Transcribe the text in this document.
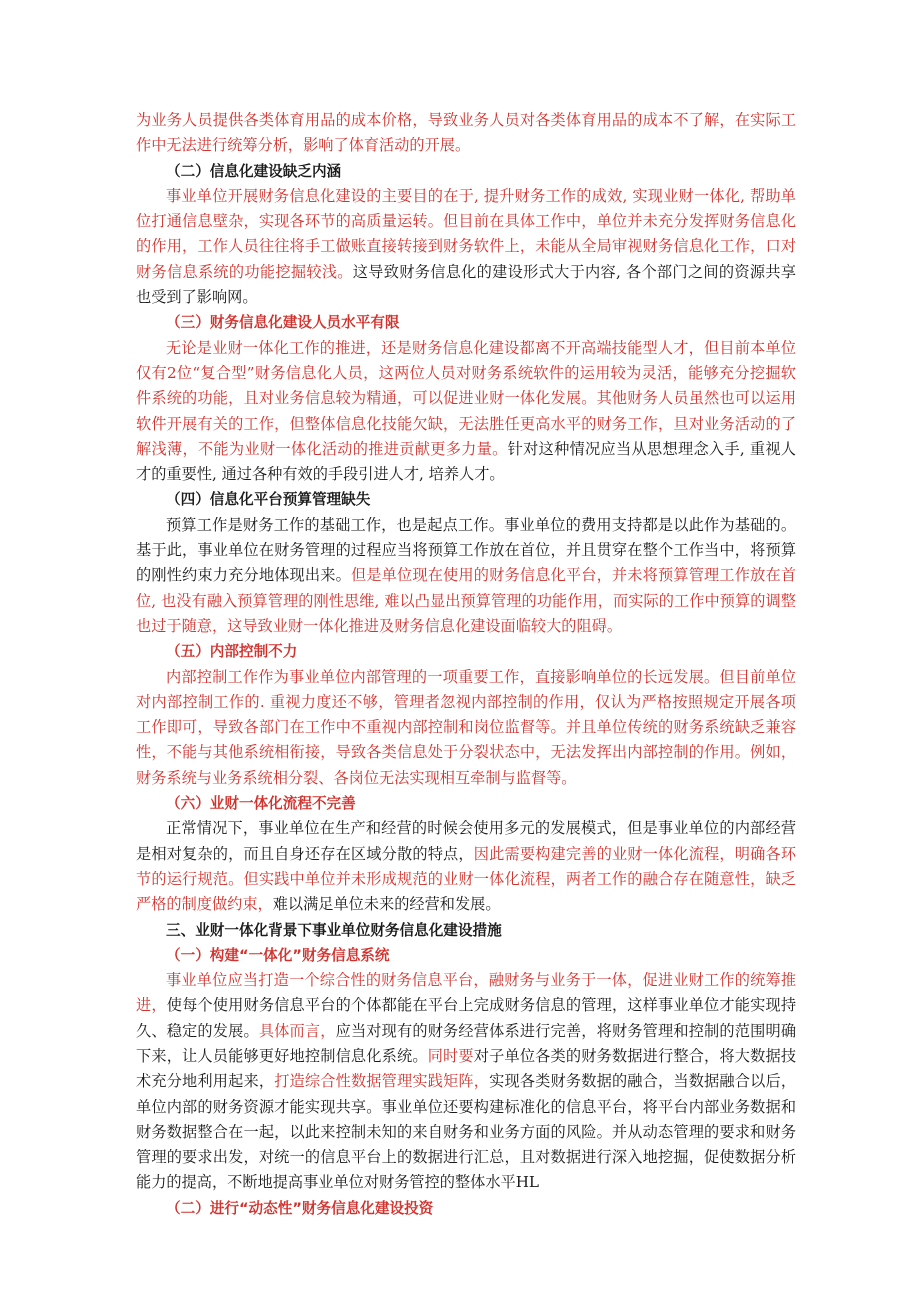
为业务人员提供各类体育用品的成本价格，导致业务人员对各类体育用品的成本不了解，在实际工作中无法进行统筹分析，影响了体育活动的开展。
（二）信息化建设缺乏内涵
事业单位开展财务信息化建设的主要目的在于, 提升财务工作的成效, 实现业财一体化, 帮助单位打通信息壁杂，实现各环节的高质量运转。但目前在具体工作中，单位并未充分发挥财务信息化的作用，工作人员往往将手工做账直接转接到财务软件上，未能从全局审视财务信息化工作，口对财务信息系统的功能挖掘较浅。这导致财务信息化的建设形式大于内容, 各个部门之间的资源共享也受到了影响网。
（三）财务信息化建设人员水平有限
无论是业财一体化工作的推进，还是财务信息化建设都离不开高端技能型人才，但目前本单位仅有2位“复合型”财务信息化人员，这两位人员对财务系统软件的运用较为灵活，能够充分挖掘软件系统的功能，且对业务信息较为精通，可以促进业财一体化发展。其他财务人员虽然也可以运用软件开展有关的工作，但整体信息化技能欠缺，无法胜任更高水平的财务工作，旦对业务活动的了解浅薄，不能为业财一体化活动的推进贡献更多力量。针对这种情况应当从思想理念入手, 重视人才的重要性, 通过各种有效的手段引进人才, 培养人才。
（四）信息化平台预算管理缺失
预算工作是财务工作的基础工作，也是起点工作。事业单位的费用支持都是以此作为基础的。基于此，事业单位在财务管理的过程应当将预算工作放在首位，并且贯穿在整个工作当中，将预算的刚性约束力充分地体现出来。但是单位现在使用的财务信息化平台，并未将预算管理工作放在首位, 也没有融入预算管理的刚性思维, 难以凸显出预算管理的功能作用，而实际的工作中预算的调整也过于随意，这导致业财一体化推进及财务信息化建设面临较大的阻碍。
（五）内部控制不力
内部控制工作作为事业单位内部管理的一项重要工作，直接影响单位的长远发展。但目前单位对内部控制工作的. 重视力度还不够，管理者忽视内部控制的作用，仅认为严格按照规定开展各项工作即可，导致各部门在工作中不重视内部控制和岗位监督等。并且单位传统的财务系统缺乏兼容性，不能与其他系统相衔接，导致各类信息处于分裂状态中，无法发挥出内部控制的作用。例如，财务系统与业务系统相分裂、各岗位无法实现相互牵制与监督等。
（六）业财一体化流程不完善
正常情况下，事业单位在生产和经营的时候会使用多元的发展模式，但是事业单位的内部经营是相对复杂的，而且自身还存在区域分散的特点，因此需要构建完善的业财一体化流程，明确各环节的运行规范。但实践中单位并未形成规范的业财一体化流程，两者工作的融合存在随意性，缺乏严格的制度做约束，难以满足单位未来的经营和发展。
三、业财一体化背景下事业单位财务信息化建设措施
（一）构建“一体化”财务信息系统
事业单位应当打造一个综合性的财务信息平台，融财务与业务于一体，促进业财工作的统筹推进，使每个使用财务信息平台的个体都能在平台上完成财务信息的管理，这样事业单位才能实现持久、稳定的发展。具体而言，应当对现有的财务经营体系进行完善，将财务管理和控制的范围明确下来，让人员能够更好地控制信息化系统。同时要对子单位各类的财务数据进行整合，将大数据技术充分地利用起来，打造综合性数据管理实践矩阵，实现各类财务数据的融合，当数据融合以后，单位内部的财务资源才能实现共享。事业单位还要构建标准化的信息平台，将平台内部业务数据和财务数据整合在一起，以此来控制未知的来自财务和业务方面的风险。并从动态管理的要求和财务管理的要求出发，对统一的信息平台上的数据进行汇总，且对数据进行深入地挖掘，促使数据分析能力的提高，不断地提高事业单位对财务管控的整体水平HL
（二）进行“动态性”财务信息化建设投资
